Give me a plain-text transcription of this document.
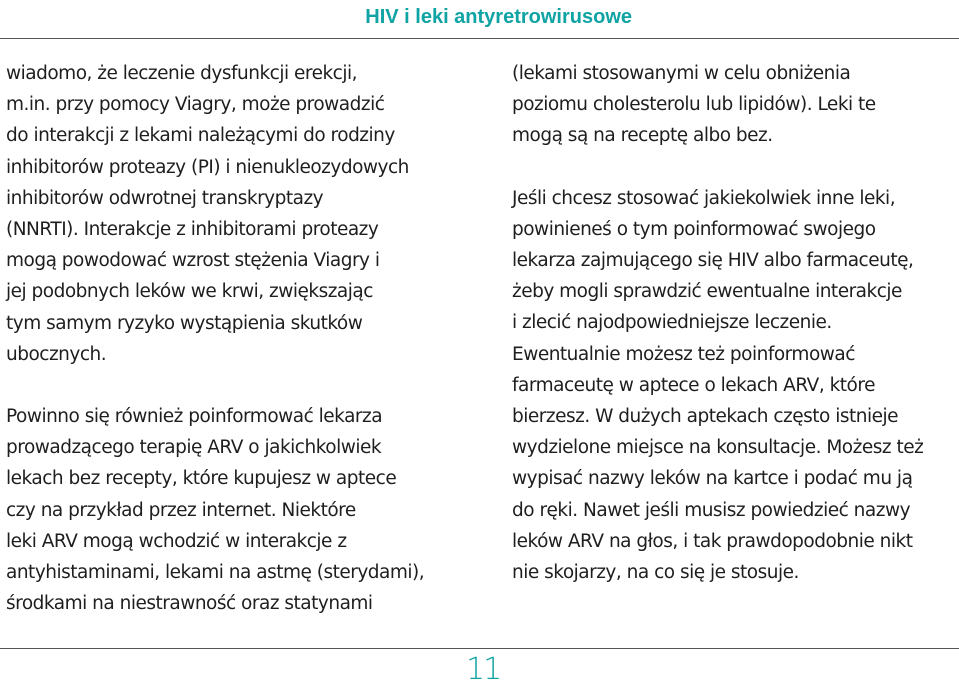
HIV i leki antyretrowirusowe

wiadomo, że leczenie dysfunkcji erekcji,
m.in. przy pomocy Viagry, może prowadzić
do interakcji z lekami należącymi do rodziny
inhibitorów proteazy (PI) i nienukleozydowych
inhibitorów odwrotnej transkryptazy
(NNRTI). Interakcje z inhibitorami proteazy
mogą powodować wzrost stężenia Viagry i
jej podobnych leków we krwi, zwiększając
tym samym ryzyko wystąpienia skutków
ubocznych.

Powinno się również poinformować lekarza
prowadzącego terapię ARV o jakichkolwiek
lekach bez recepty, które kupujesz w aptece
czy na przykład przez internet. Niektóre
leki ARV mogą wchodzić w interakcje z
antyhistaminami, lekami na astmę (sterydami),
środkami na niestrawność oraz statynami

(lekami stosowanymi w celu obniżenia
poziomu cholesterolu lub lipidów). Leki te
mogą są na receptę albo bez.

Jeśli chcesz stosować jakiekolwiek inne leki,
powinieneś o tym poinformować swojego
lekarza zajmującego się HIV albo farmaceutę,
żeby mogli sprawdzić ewentualne interakcje
i zlecić najodpowiedniejsze leczenie.
Ewentualnie możesz też poinformować
farmaceutę w aptece o lekach ARV, które
bierzesz. W dużych aptekach często istnieje
wydzielone miejsce na konsultacje. Możesz też
wypisać nazwy leków na kartce i podać mu ją
do ręki. Nawet jeśli musisz powiedzieć nazwy
leków ARV na głos, i tak prawdopodobnie nikt
nie skojarzy, na co się je stosuje.

11
